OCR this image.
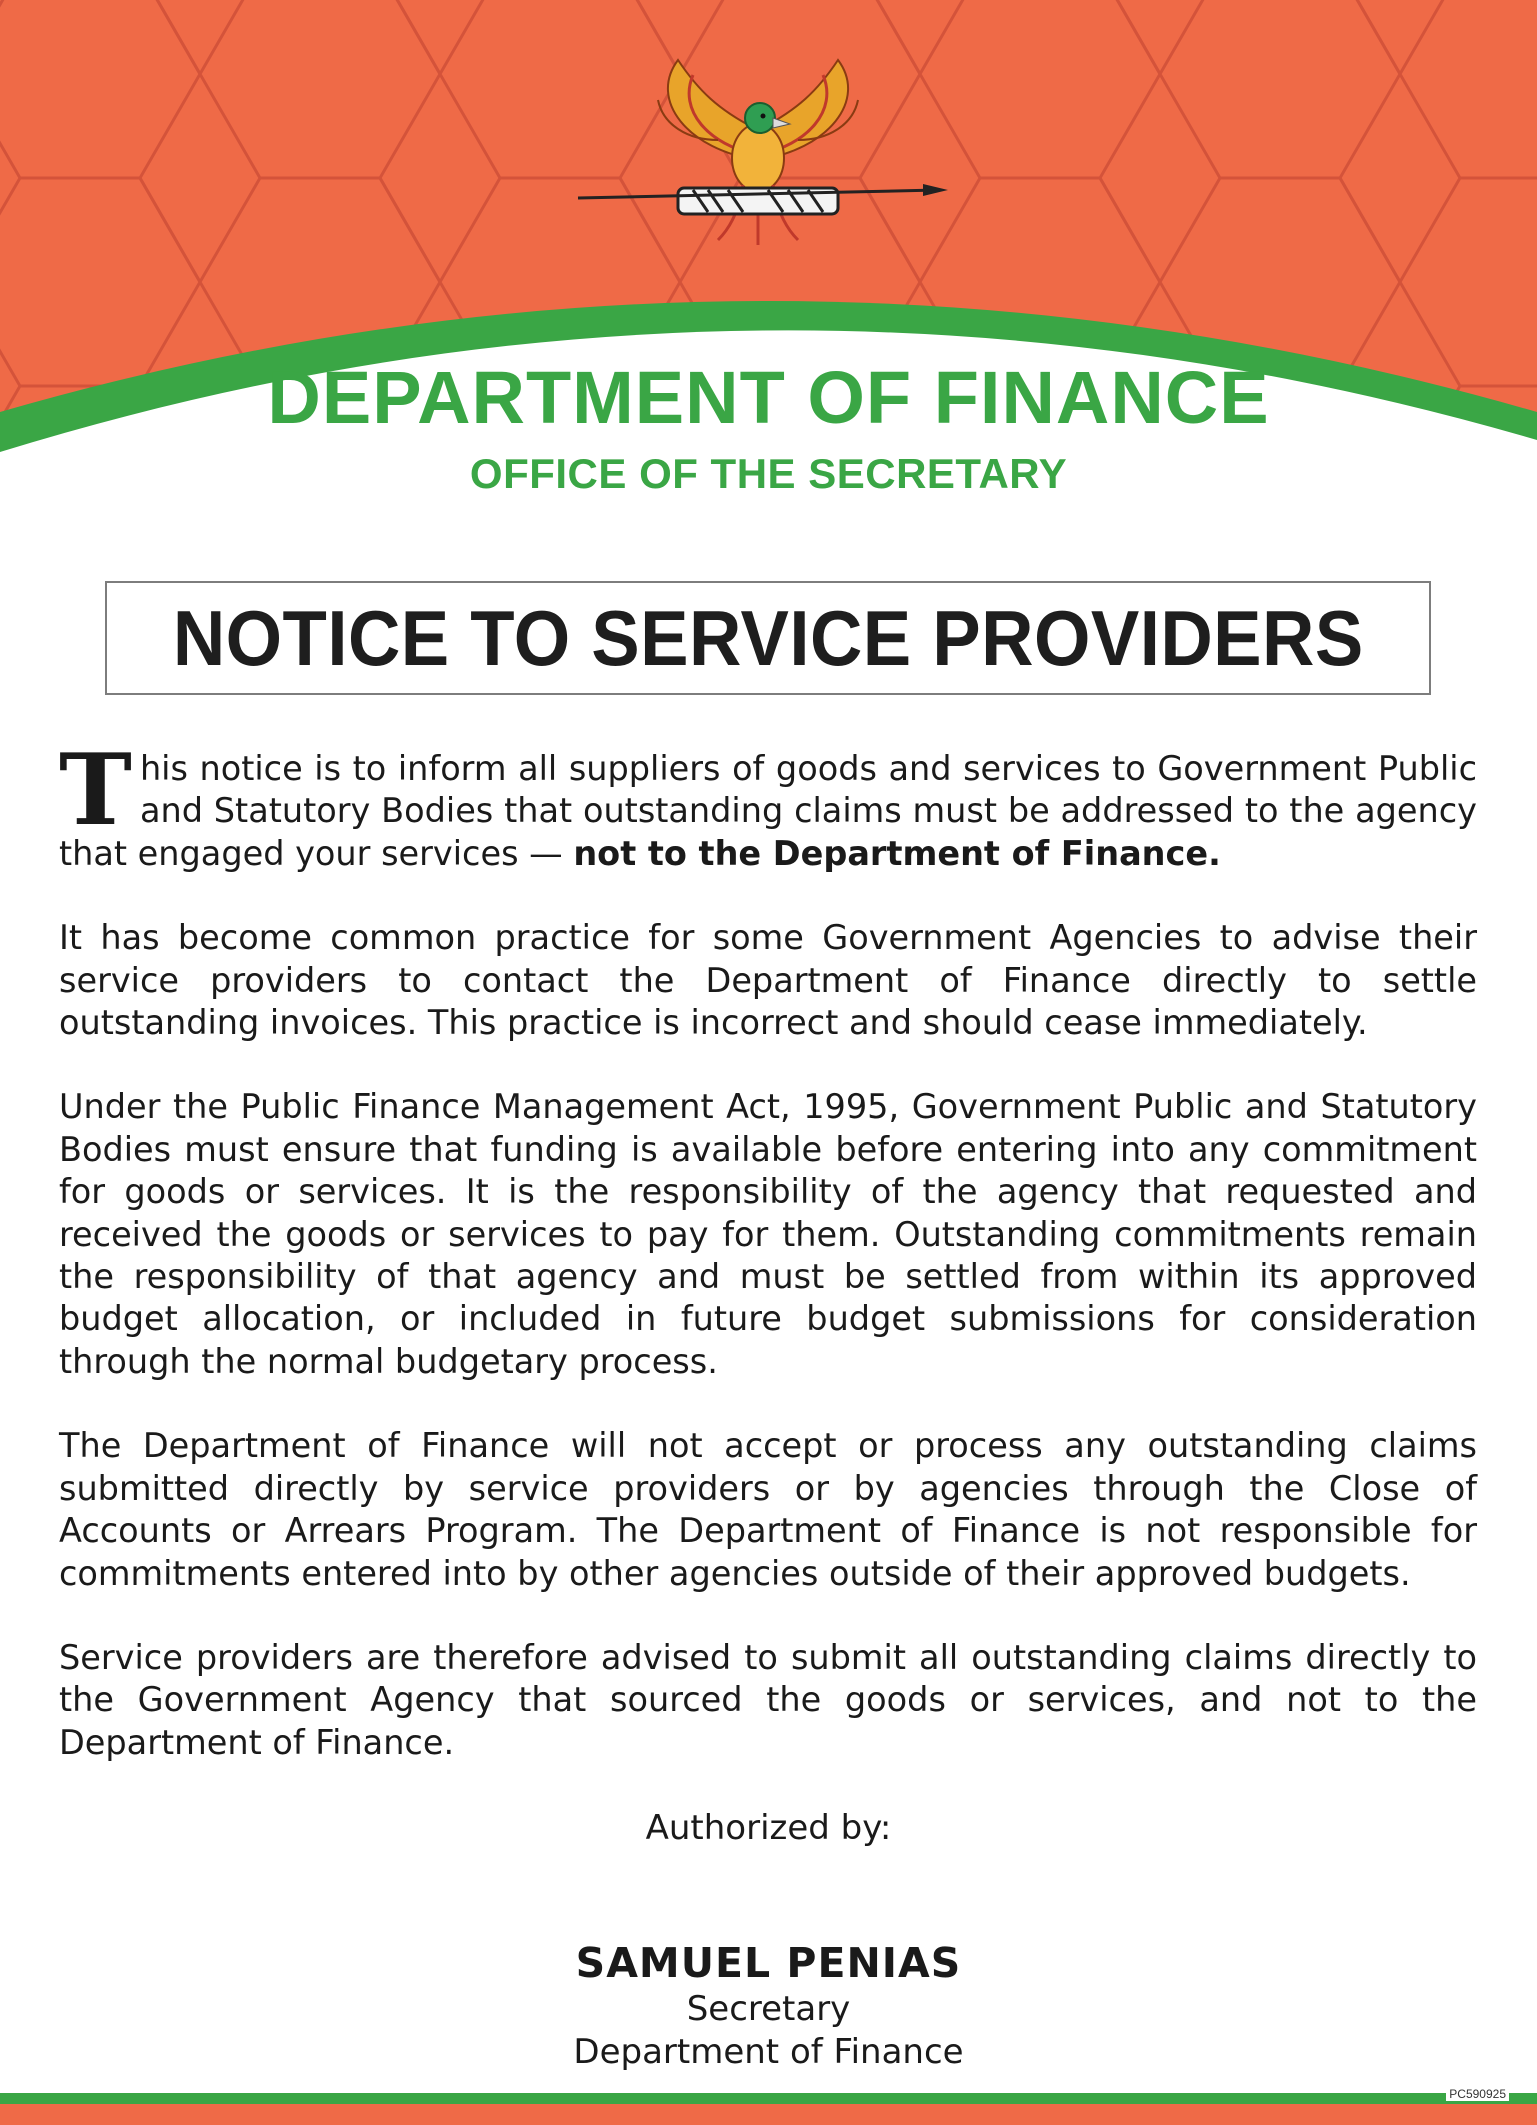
DEPARTMENT OF FINANCE
OFFICE OF THE SECRETARY
NOTICE TO SERVICE PROVIDERS

This notice is to inform all suppliers of goods and services to Government Public and Statutory Bodies that outstanding claims must be addressed to the agency that engaged your services — not to the Department of Finance.

It has become common practice for some Government Agencies to advise their service providers to contact the Department of Finance directly to settle outstanding invoices. This practice is incorrect and should cease immediately.

Under the Public Finance Management Act, 1995, Government Public and Statutory Bodies must ensure that funding is available before entering into any commitment for goods or services. It is the responsibility of the agency that requested and received the goods or services to pay for them. Outstanding commitments remain the responsibility of that agency and must be settled from within its approved budget allocation, or included in future budget submissions for consideration through the normal budgetary process.

The Department of Finance will not accept or process any outstanding claims submitted directly by service providers or by agencies through the Close of Accounts or Arrears Program. The Department of Finance is not responsible for commitments entered into by other agencies outside of their approved budgets.

Service providers are therefore advised to submit all outstanding claims directly to the Government Agency that sourced the goods or services, and not to the Department of Finance.

Authorized by:
SAMUEL PENIAS
Secretary
Department of Finance
PC590925
